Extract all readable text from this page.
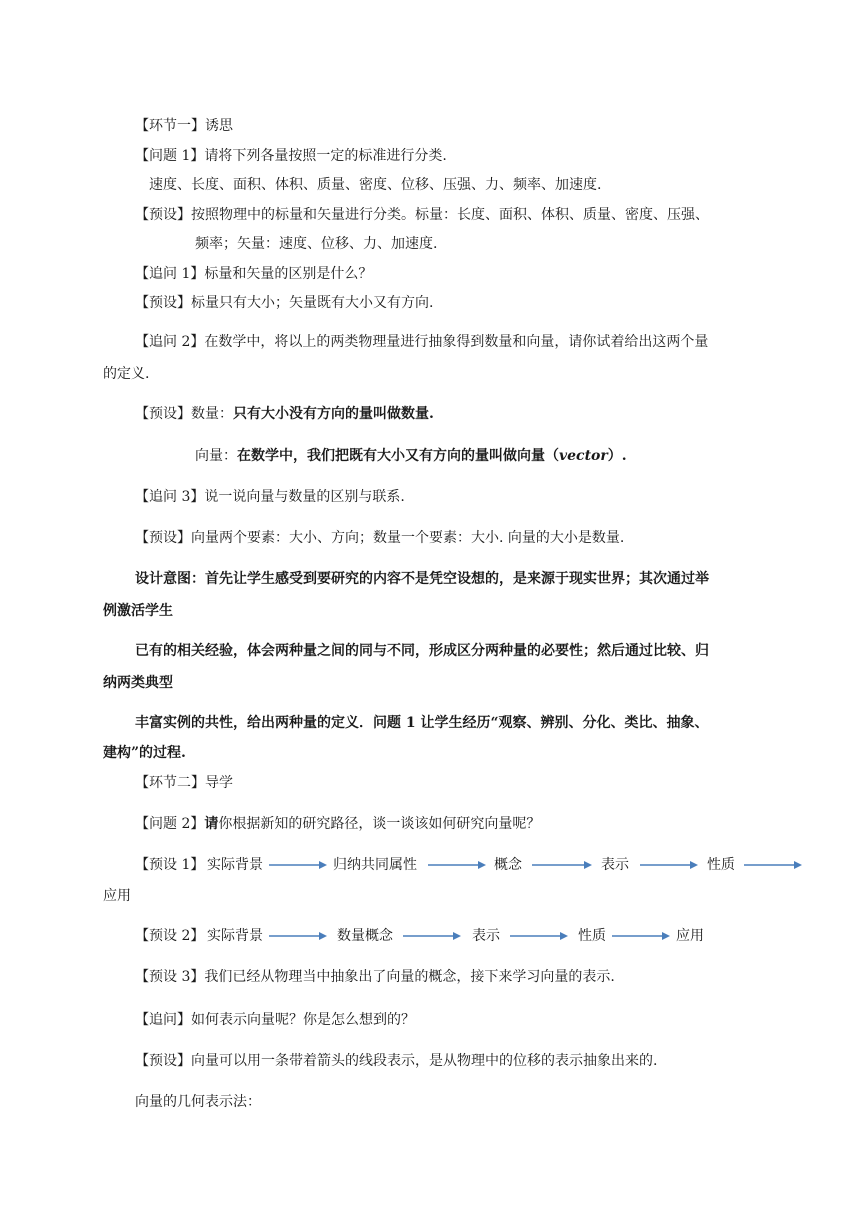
【环节一】诱思
【问题 1】请将下列各量按照一定的标准进行分类.
速度、长度、面积、体积、质量、密度、位移、压强、力、频率、加速度.
【预设】按照物理中的标量和矢量进行分类。标量：长度、面积、体积、质量、密度、压强、
频率；矢量：速度、位移、力、加速度.
【追问 1】标量和矢量的区别是什么？
【预设】标量只有大小；矢量既有大小又有方向.
【追问 2】在数学中，将以上的两类物理量进行抽象得到数量和向量，请你试着给出这两个量
的定义.
【预设】数量：只有大小没有方向的量叫做数量.
向量：在数学中，我们把既有大小又有方向的量叫做向量（vector）.
【追问 3】说一说向量与数量的区别与联系.
【预设】向量两个要素：大小、方向；数量一个要素：大小. 向量的大小是数量.
设计意图：首先让学生感受到要研究的内容不是凭空设想的，是来源于现实世界；其次通过举
例激活学生
已有的相关经验，体会两种量之间的同与不同，形成区分两种量的必要性；然后通过比较、归
纳两类典型
丰富实例的共性，给出两种量的定义．问题 1 让学生经历“观察、辨别、分化、类比、抽象、
建构”的过程.
【环节二】导学
【问题 2】请你根据新知的研究路径，谈一谈该如何研究向量呢？
【预设 1】 实际背景	归纳共同属性	概念	表示	性质
应用
【预设 2】 实际背景	数量概念	表示	性质	应用
【预设 3】我们已经从物理当中抽象出了向量的概念，接下来学习向量的表示.
【追问】如何表示向量呢？你是怎么想到的？
【预设】向量可以用一条带着箭头的线段表示，是从物理中的位移的表示抽象出来的.
向量的几何表示法：
